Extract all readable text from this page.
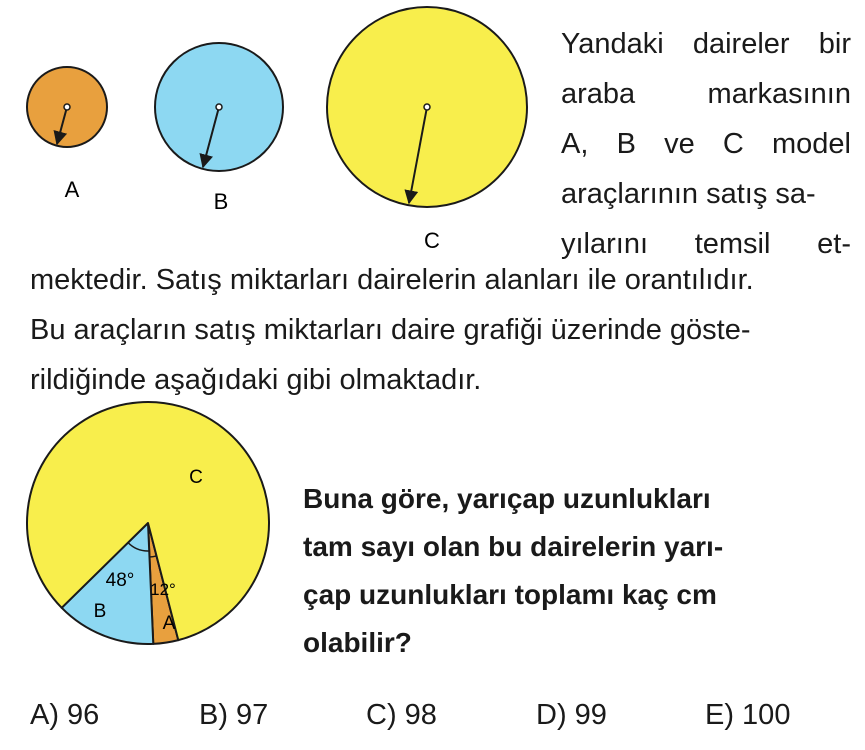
A	B
C
Yandaki daireler bir
araba markasının
A, B ve C model
araçlarının satış sa-
yılarını temsil et-
mektedir. Satış miktarları dairelerin alanları ile orantılıdır.
Bu araçların satış miktarları daire grafiği üzerinde göste-
rildiğinde aşağıdaki gibi olmaktadır.
C
48°
B
12°
A
Buna göre, yarıçap uzunlukları
tam sayı olan bu dairelerin yarı-
çap uzunlukları toplamı kaç cm
olabilir?
A) 96	B) 97	C) 98	D) 99	E) 100
